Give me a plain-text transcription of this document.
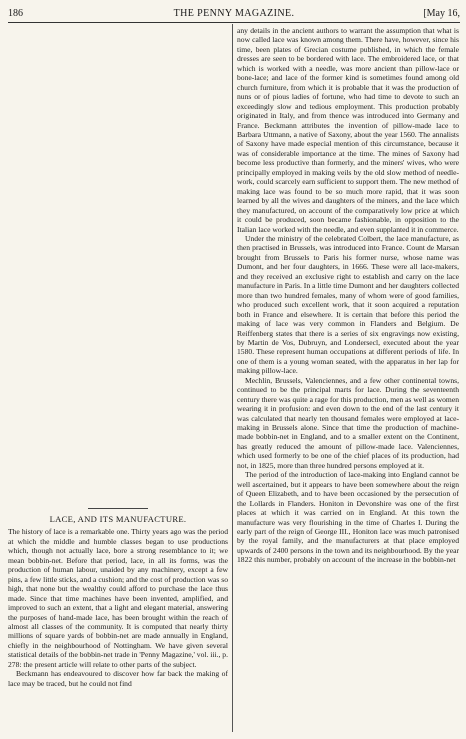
186	THE PENNY MAGAZINE.	[May 16,
LACE, AND ITS MANUFACTURE.

The history of lace is a remarkable one. Thirty years ago was the period at which the middle and humble classes began to use productions which, though not actually lace, bore a strong resemblance to it; we mean bobbin-net. Before that period, lace, in all its forms, was the production of human labour, unaided by any machinery, except a few pins, a few little sticks, and a cushion; and the cost of production was so high, that none but the wealthy could afford to purchase the lace thus made. Since that time machines have been invented, amplified, and improved to such an extent, that a light and elegant material, answering the purposes of hand-made lace, has been brought within the reach of almost all classes of the community. It is computed that nearly thirty millions of square yards of bobbin-net are made annually in England, chiefly in the neighbourhood of Nottingham. We have given several statistical details of the bobbin-net trade in 'Penny Magazine,' vol. iii., p. 278: the present article will relate to other parts of the subject.

Beckmann has endeavoured to discover how far back the making of lace may be traced, but he could not find

any details in the ancient authors to warrant the assumption that what is now called lace was known among them. There have, however, since his time, been plates of Grecian costume published, in which the female dresses are seen to be bordered with lace. The embroidered lace, or that which is worked with a needle, was more ancient than pillow-lace or bone-lace; and lace of the former kind is sometimes found among old church furniture, from which it is probable that it was the production of nuns or of pious ladies of fortune, who had time to devote to such an exceedingly slow and tedious employment. This production probably originated in Italy, and from thence was introduced into Germany and France. Beckmann attributes the invention of pillow-made lace to Barbara Uttmann, a native of Saxony, about the year 1560. The annalists of Saxony have made especial mention of this circumstance, because it was of considerable importance at the time. The mines of Saxony had become less productive than formerly, and the miners' wives, who were principally employed in making veils by the old slow method of needle-work, could scarcely earn sufficient to support them. The new method of making lace was found to be so much more rapid, that it was soon learned by all the wives and daughters of the miners, and the lace which they manufactured, on account of the comparatively low price at which it could be produced, soon became fashionable, in opposition to the Italian lace worked with the needle, and even supplanted it in commerce.

Under the ministry of the celebrated Colbert, the lace manufacture, as then practised in Brussels, was introduced into France. Count de Marsan brought from Brussels to Paris his former nurse, whose name was Dumont, and her four daughters, in 1666. These were all lace-makers, and they received an exclusive right to establish and carry on the lace manufacture in Paris. In a little time Dumont and her daughters collected more than two hundred females, many of whom were of good families, who produced such excellent work, that it soon acquired a reputation both in France and elsewhere. It is certain that before this period the making of lace was very common in Flanders and Belgium. De Reiffenberg states that there is a series of six engravings now existing, by Martin de Vos, Dubruyn, and Londersecl, executed about the year 1580. These represent human occupations at different periods of life. In one of them is a young woman seated, with the apparatus in her lap for making pillow-lace.

Mechlin, Brussels, Valenciennes, and a few other continental towns, continued to be the principal marts for lace. During the seventeenth century there was quite a rage for this production, men as well as women wearing it in profusion: and even down to the end of the last century it was calculated that nearly ten thousand females were employed at lace-making in Brussels alone. Since that time the production of machine-made bobbin-net in England, and to a smaller extent on the Continent, has greatly reduced the amount of pillow-made lace. Valenciennes, which used formerly to be one of the chief places of its production, had not, in 1825, more than three hundred persons employed at it.

The period of the introduction of lace-making into England cannot be well ascertained, but it appears to have been somewhere about the reign of Queen Elizabeth, and to have been occasioned by the persecution of the Lollards in Flanders. Honiton in Devonshire was one of the first places at which it was carried on in England. At this town the manufacture was very flourishing in the time of Charles I. During the early part of the reign of George III., Honiton lace was much patronised by the royal family, and the manufacturers at that place employed upwards of 2400 persons in the town and its neighbourhood. By the year 1822 this number, probably on account of the increase in the bobbin-net
